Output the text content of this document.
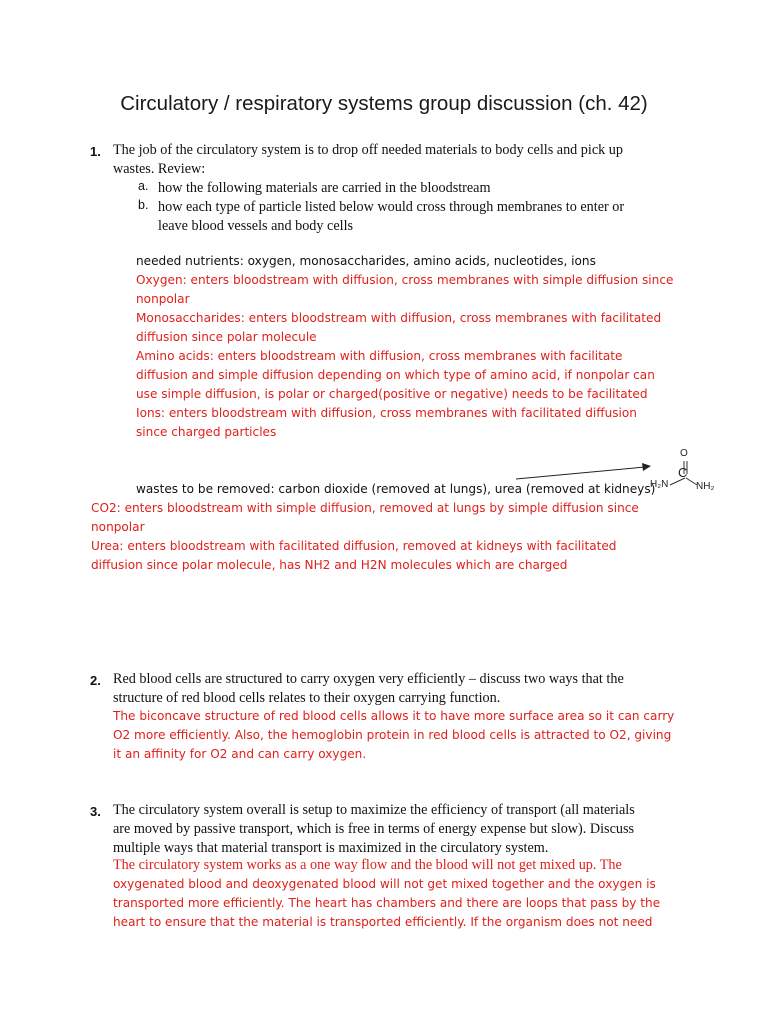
Circulatory / respiratory systems group discussion (ch. 42)
1. The job of the circulatory system is to drop off needed materials to body cells and pick up
wastes. Review:
a. how the following materials are carried in the bloodstream
b. how each type of particle listed below would cross through membranes to enter or
leave blood vessels and body cells
needed nutrients: oxygen, monosaccharides, amino acids, nucleotides, ions
Oxygen: enters bloodstream with diffusion, cross membranes with simple diffusion since
nonpolar
Monosaccharides: enters bloodstream with diffusion, cross membranes with facilitated
diffusion since polar molecule
Amino acids: enters bloodstream with diffusion, cross membranes with facilitate
diffusion and simple diffusion depending on which type of amino acid, if nonpolar can
use simple diffusion, is polar or charged(positive or negative) needs to be facilitated
Ions: enters bloodstream with diffusion, cross membranes with facilitated diffusion
since charged particles
wastes to be removed: carbon dioxide (removed at lungs), urea (removed at kidneys)
O
C
H₂N	NH₂
CO2: enters bloodstream with simple diffusion, removed at lungs by simple diffusion since
nonpolar
Urea: enters bloodstream with facilitated diffusion, removed at kidneys with facilitated
diffusion since polar molecule, has NH2 and H2N molecules which are charged
2. Red blood cells are structured to carry oxygen very efficiently – discuss two ways that the
structure of red blood cells relates to their oxygen carrying function.
The biconcave structure of red blood cells allows it to have more surface area so it can carry
O2 more efficiently. Also, the hemoglobin protein in red blood cells is attracted to O2, giving
it an affinity for O2 and can carry oxygen.
3. The circulatory system overall is setup to maximize the efficiency of transport (all materials
are moved by passive transport, which is free in terms of energy expense but slow). Discuss
multiple ways that material transport is maximized in the circulatory system.
The circulatory system works as a one way flow and the blood will not get mixed up. The
oxygenated blood and deoxygenated blood will not get mixed together and the oxygen is
transported more efficiently. The heart has chambers and there are loops that pass by the
heart to ensure that the material is transported efficiently. If the organism does not need
